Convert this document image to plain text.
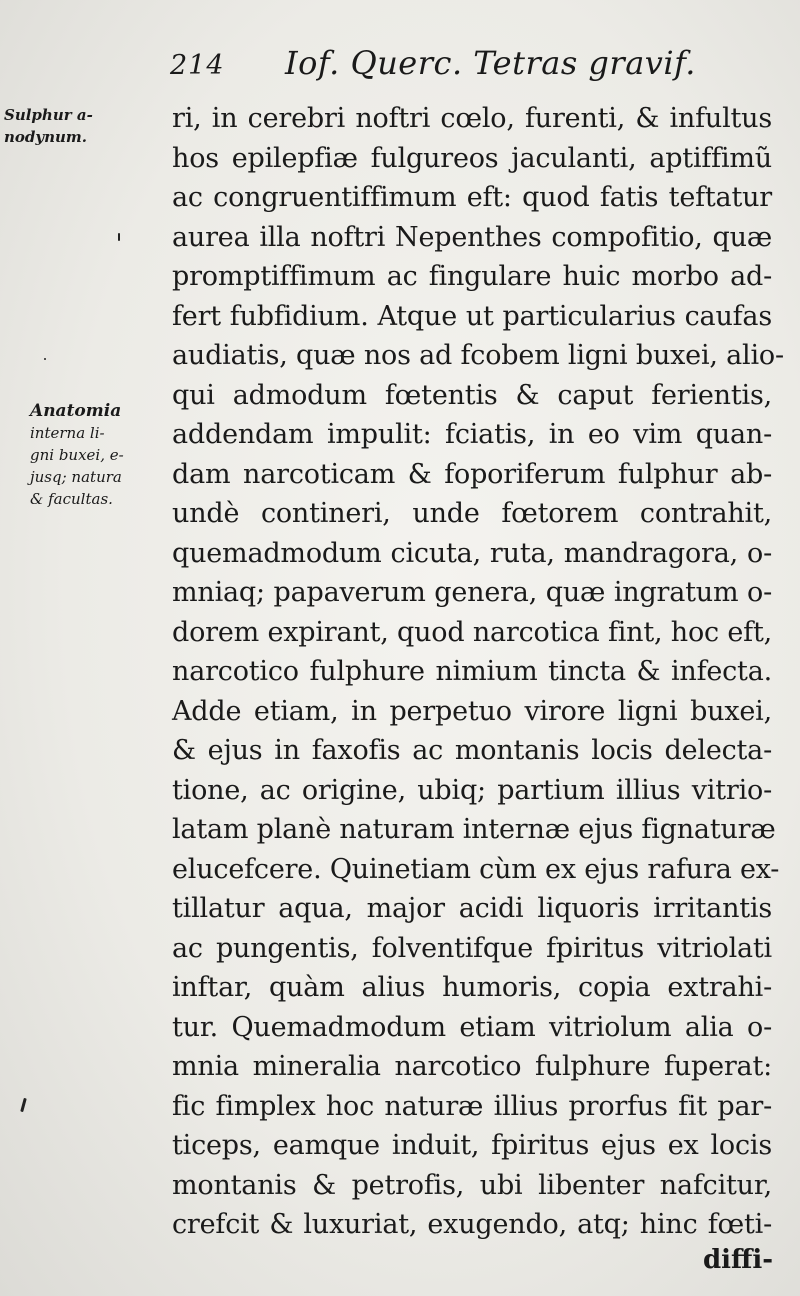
214 Iof. Querc. Tetras gravif.
Sulphur a-
nodynum.
Anatomia
interna li-
gni buxei, e-
jusq; natura
& facultas.
ri, in cerebri noftri cœlo, furenti, & infultus
hos epilepfiæ fulgureos jaculanti, aptiffimũ
ac congruentiffimum eft: quod fatis teftatur
aurea illa noftri Nepenthes compofitio, quæ
promptiffimum ac fingulare huic morbo ad-
fert fubfidium. Atque ut particularius caufas
audiatis, quæ nos ad fcobem ligni buxei, alio-
qui admodum fœtentis & caput ferientis,
addendam impulit: fciatis, in eo vim quan-
dam narcoticam & foporiferum fulphur ab-
undè contineri, unde fœtorem contrahit,
quemadmodum cicuta, ruta, mandragora, o-
mniaq; papaverum genera, quæ ingratum o-
dorem expirant, quod narcotica fint, hoc eft,
narcotico fulphure nimium tincta & infecta.
Adde etiam, in perpetuo virore ligni buxei,
& ejus in faxofis ac montanis locis delecta-
tione, ac origine, ubiq; partium illius vitrio-
latam planè naturam internæ ejus fignaturæ
elucefcere. Quinetiam cùm ex ejus rafura ex-
tillatur aqua, major acidi liquoris irritantis
ac pungentis, folventifque fpiritus vitriolati
inftar, quàm alius humoris, copia extrahi-
tur. Quemadmodum etiam vitriolum alia o-
mnia mineralia narcotico fulphure fuperat:
fic fimplex hoc naturæ illius prorfus fit par-
ticeps, eamque induit, fpiritus ejus ex locis
montanis & petrofis, ubi libenter nafcitur,
crefcit & luxuriat, exugendo, atq; hinc fœti-
diffi-
